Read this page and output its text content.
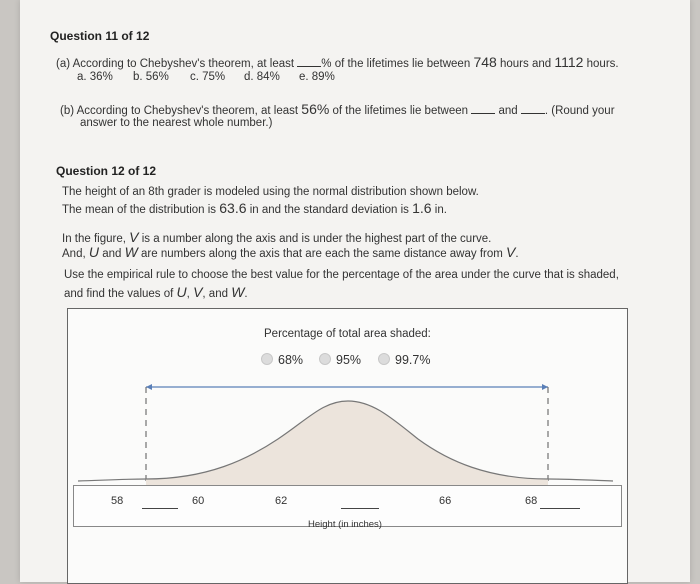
Question 11 of 12
(a) According to Chebyshev's theorem, at least % of the lifetimes lie between 748 hours and 1112 hours.
a. 36% b. 56% c. 75% d. 84% e. 89%
(b) According to Chebyshev's theorem, at least 56% of the lifetimes lie between	and . (Round your
answer to the nearest whole number.)
Question 12 of 12
The height of an 8th grader is modeled using the normal distribution shown below.
The mean of the distribution is 63.6 in and the standard deviation is 1.6 in.
In the figure, V is a number along the axis and is under the highest part of the curve.
And, U and W are numbers along the axis that are each the same distance away from V.
Use the empirical rule to choose the best value for the percentage of the area under the curve that is shaded,
and find the values of U, V, and W.
Percentage of total area shaded:
68%	95%	99.7%
58	60	62	66	68
Height (in inches)
